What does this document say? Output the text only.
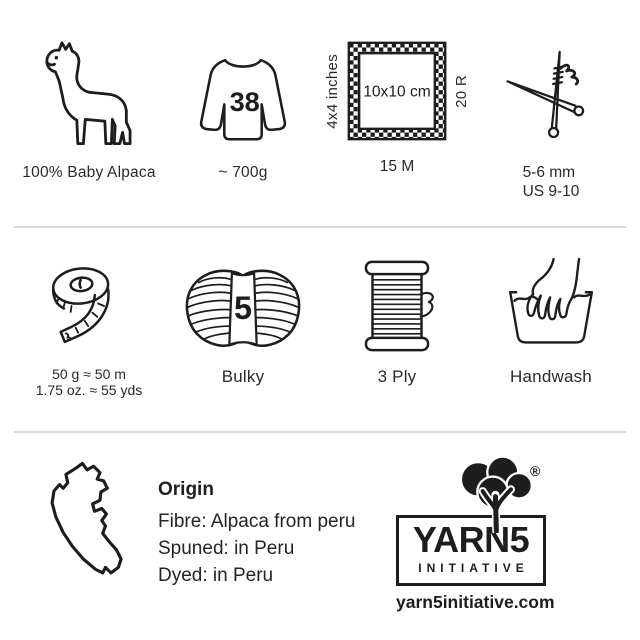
100% Baby Alpaca
38
~ 700g
4x4 inches 10x10 cm 20 R
15 M	5-6 mm
US 9-10
50 g ≈ 50 m
1.75 oz. ≈ 55 yds
5
Bulky	3 Ply	Handwash
Origin
Fibre: Alpaca from peru
Spuned: in Peru
Dyed: in Peru
®
YARN5
INITIATIVE
yarn5initiative.com
